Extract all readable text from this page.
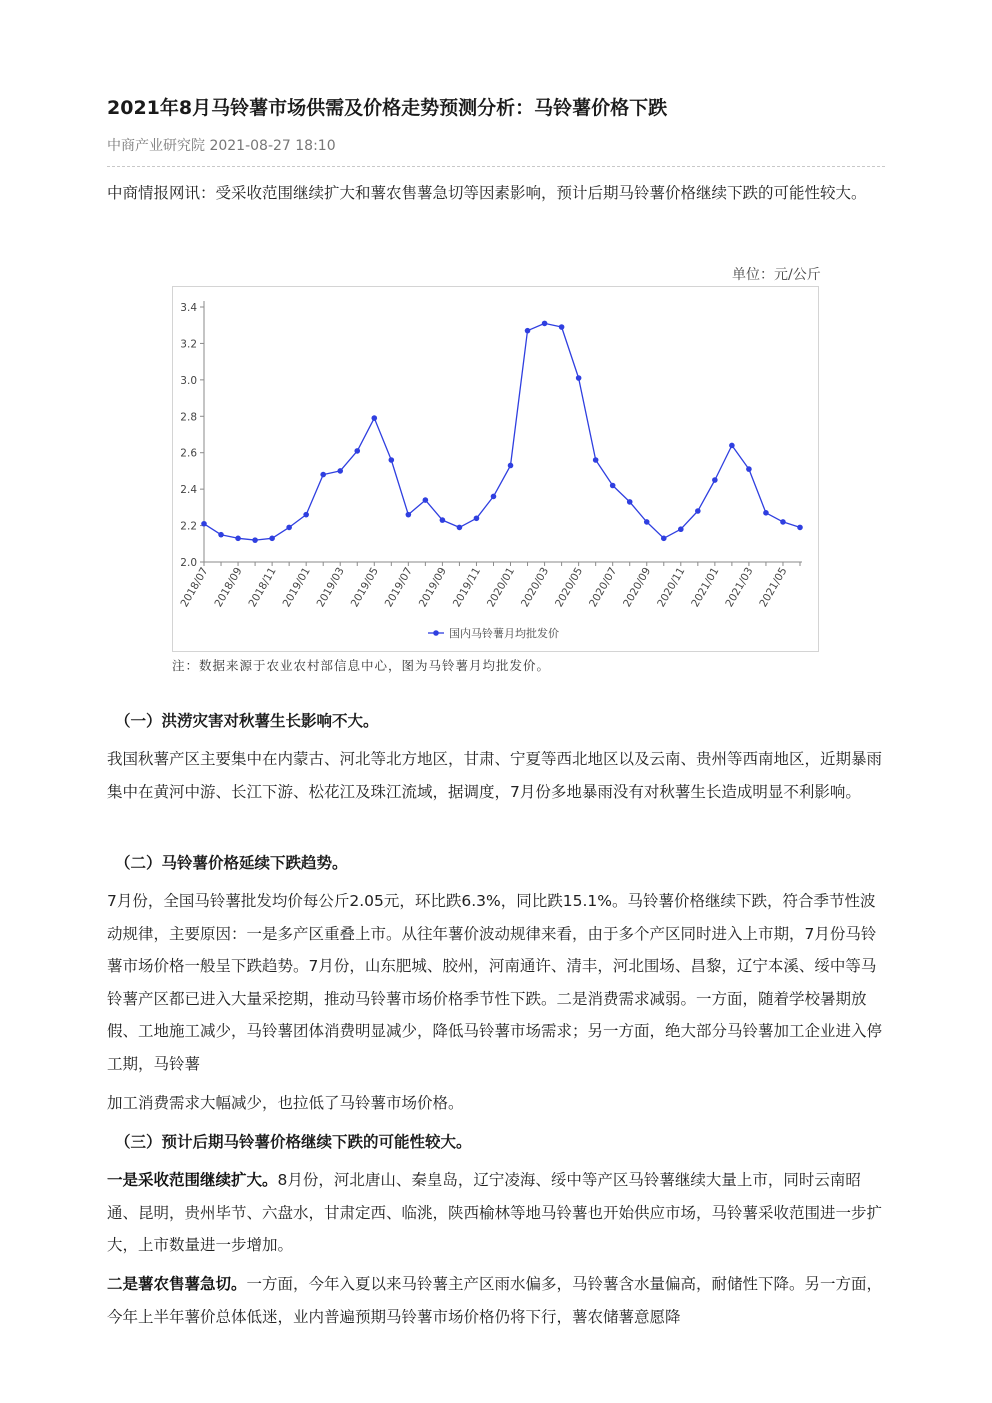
2021年8月马铃薯市场供需及价格走势预测分析：马铃薯价格下跌
中商产业研究院 2021-08-27 18:10

中商情报网讯：受采收范围继续扩大和薯农售薯急切等因素影响，预计后期马铃薯价格继续下跌的可能性较大。

单位：元/公斤
2.0
2.2
2.4
2.6
2.8
3.0
3.2
3.4
2018/07 2018/09 2018/11 2019/01 2019/03 2019/05 2019/07 2019/09 2019/11 2020/01 2020/03 2020/05 2020/07 2020/09 2020/11 2021/01 2021/03 2021/05
国内马铃薯月均批发价
注：数据来源于农业农村部信息中心，图为马铃薯月均批发价。
（一）洪涝灾害对秋薯生长影响不大。

我国秋薯产区主要集中在内蒙古、河北等北方地区，甘肃、宁夏等西北地区以及云南、贵州等西南地区，近期暴雨集中在黄河中游、长江下游、松花江及珠江流域，据调度，7月份多地暴雨没有对秋薯生长造成明显不利影响。

（二）马铃薯价格延续下跌趋势。

7月份，全国马铃薯批发均价每公斤2.05元，环比跌6.3%，同比跌15.1%。马铃薯价格继续下跌，符合季节性波动规律，主要原因：一是多产区重叠上市。从往年薯价波动规律来看，由于多个产区同时进入上市期，7月份马铃薯市场价格一般呈下跌趋势。7月份，山东肥城、胶州，河南通许、清丰，河北围场、昌黎，辽宁本溪、绥中等马铃薯产区都已进入大量采挖期，推动马铃薯市场价格季节性下跌。二是消费需求减弱。一方面，随着学校暑期放假、工地施工减少，马铃薯团体消费明显减少，降低马铃薯市场需求；另一方面，绝大部分马铃薯加工企业进入停工期，马铃薯

加工消费需求大幅减少，也拉低了马铃薯市场价格。

（三）预计后期马铃薯价格继续下跌的可能性较大。

一是采收范围继续扩大。8月份，河北唐山、秦皇岛，辽宁凌海、绥中等产区马铃薯继续大量上市，同时云南昭通、昆明，贵州毕节、六盘水，甘肃定西、临洮，陕西榆林等地马铃薯也开始供应市场，马铃薯采收范围进一步扩大，上市数量进一步增加。

二是薯农售薯急切。一方面，今年入夏以来马铃薯主产区雨水偏多，马铃薯含水量偏高，耐储性下降。另一方面，今年上半年薯价总体低迷，业内普遍预期马铃薯市场价格仍将下行，薯农储薯意愿降
